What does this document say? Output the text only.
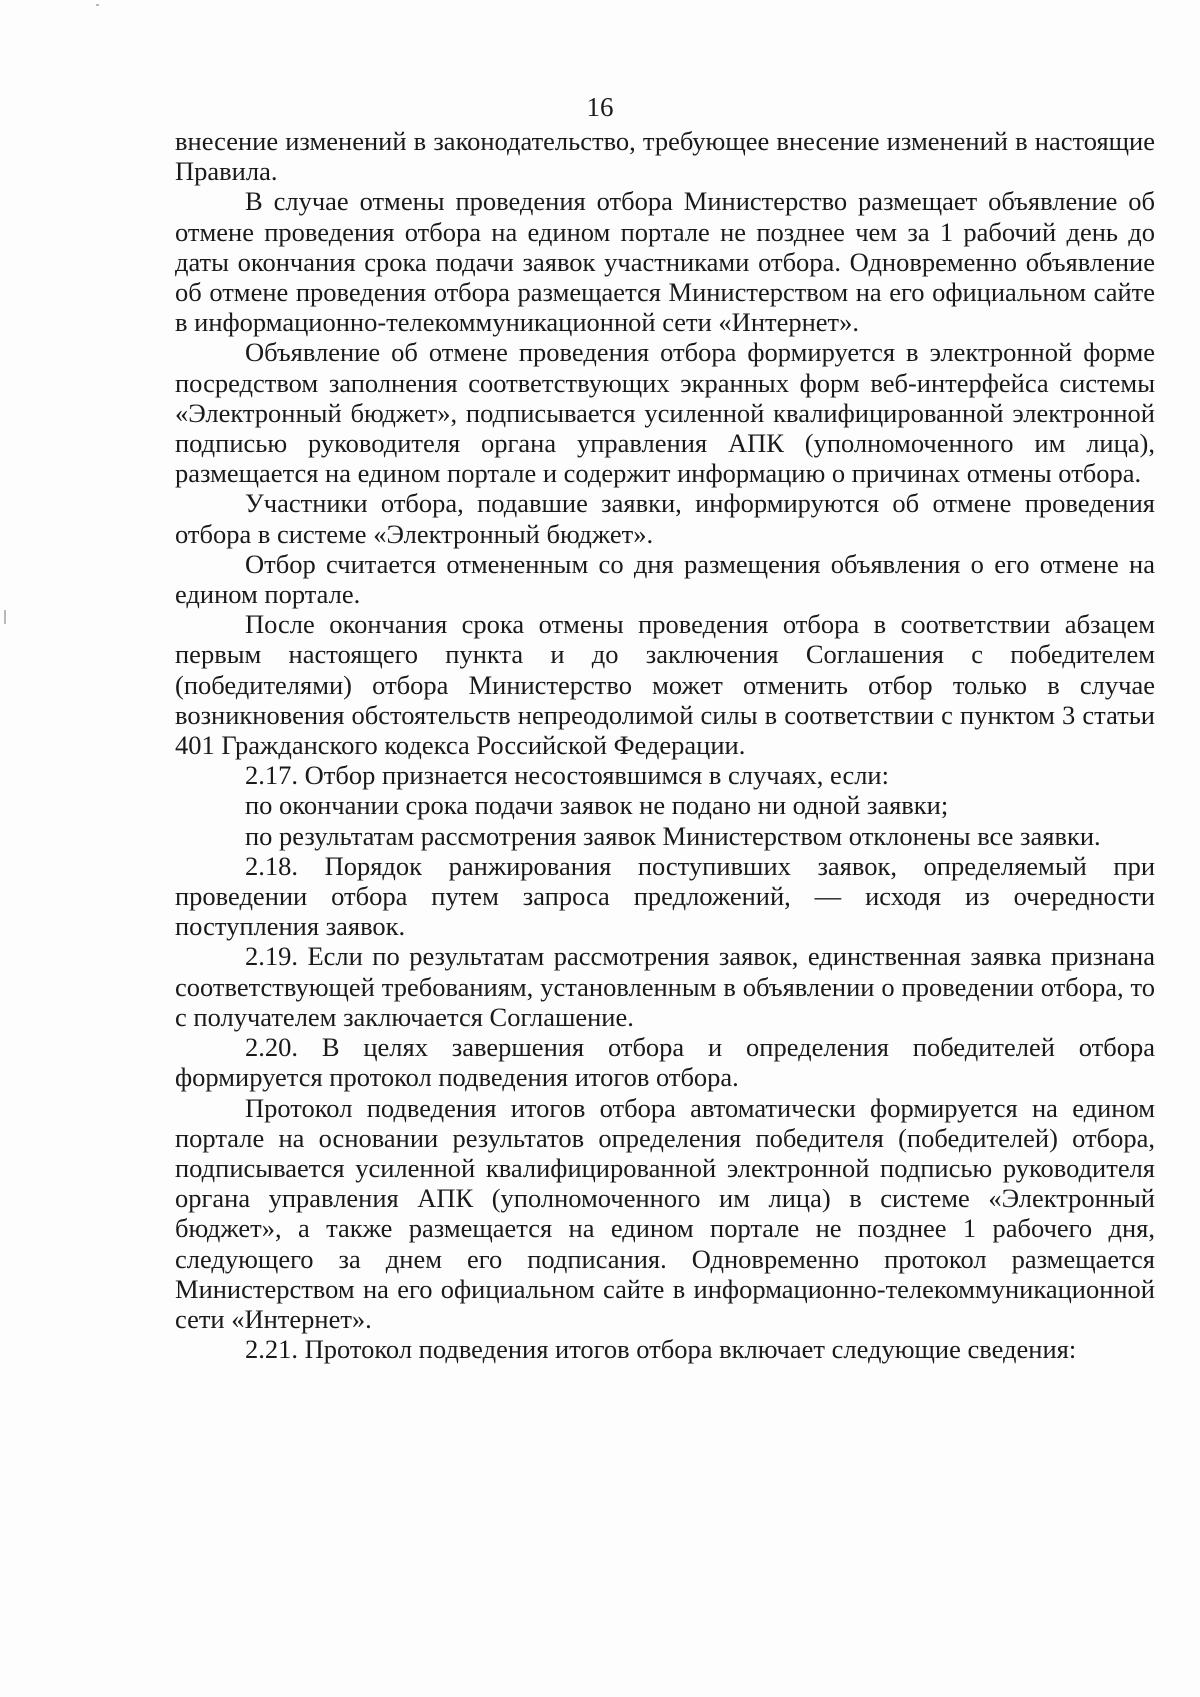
16

внесение изменений в законодательство, требующее внесение изменений в настоящие Правила.

В случае отмены проведения отбора Министерство размещает объявление об отмене проведения отбора на едином портале не позднее чем за 1 рабочий день до даты окончания срока подачи заявок участниками отбора. Одновременно объявление об отмене проведения отбора размещается Министерством на его официальном сайте в информационно-телекоммуникационной сети «Интернет».

Объявление об отмене проведения отбора формируется в электронной форме посредством заполнения соответствующих экранных форм веб-интерфейса системы «Электронный бюджет», подписывается усиленной квалифицированной электронной подписью руководителя органа управления АПК (уполномоченного им лица), размещается на едином портале и содержит информацию о причинах отмены отбора.

Участники отбора, подавшие заявки, информируются об отмене проведения отбора в системе «Электронный бюджет».

Отбор считается отмененным со дня размещения объявления о его отмене на едином портале.

После окончания срока отмены проведения отбора в соответствии абзацем первым настоящего пункта и до заключения Соглашения с победителем (победителями) отбора Министерство может отменить отбор только в случае возникновения обстоятельств непреодолимой силы в соответствии с пунктом 3 статьи 401 Гражданского кодекса Российской Федерации.

2.17. Отбор признается несостоявшимся в случаях, если:

по окончании срока подачи заявок не подано ни одной заявки;

по результатам рассмотрения заявок Министерством отклонены все заявки.

2.18. Порядок ранжирования поступивших заявок, определяемый при проведении отбора путем запроса предложений, — исходя из очередности поступления заявок.

2.19. Если по результатам рассмотрения заявок, единственная заявка признана соответствующей требованиям, установленным в объявлении о проведении отбора, то с получателем заключается Соглашение.

2.20. В целях завершения отбора и определения победителей отбора формируется протокол подведения итогов отбора.

Протокол подведения итогов отбора автоматически формируется на едином портале на основании результатов определения победителя (победителей) отбора, подписывается усиленной квалифицированной электронной подписью руководителя органа управления АПК (уполномоченного им лица) в системе «Электронный бюджет», а также размещается на едином портале не позднее 1 рабочего дня, следующего за днем его подписания. Одновременно протокол размещается Министерством на его официальном сайте в информационно-телекоммуникационной сети «Интернет».

2.21. Протокол подведения итогов отбора включает следующие сведения:
